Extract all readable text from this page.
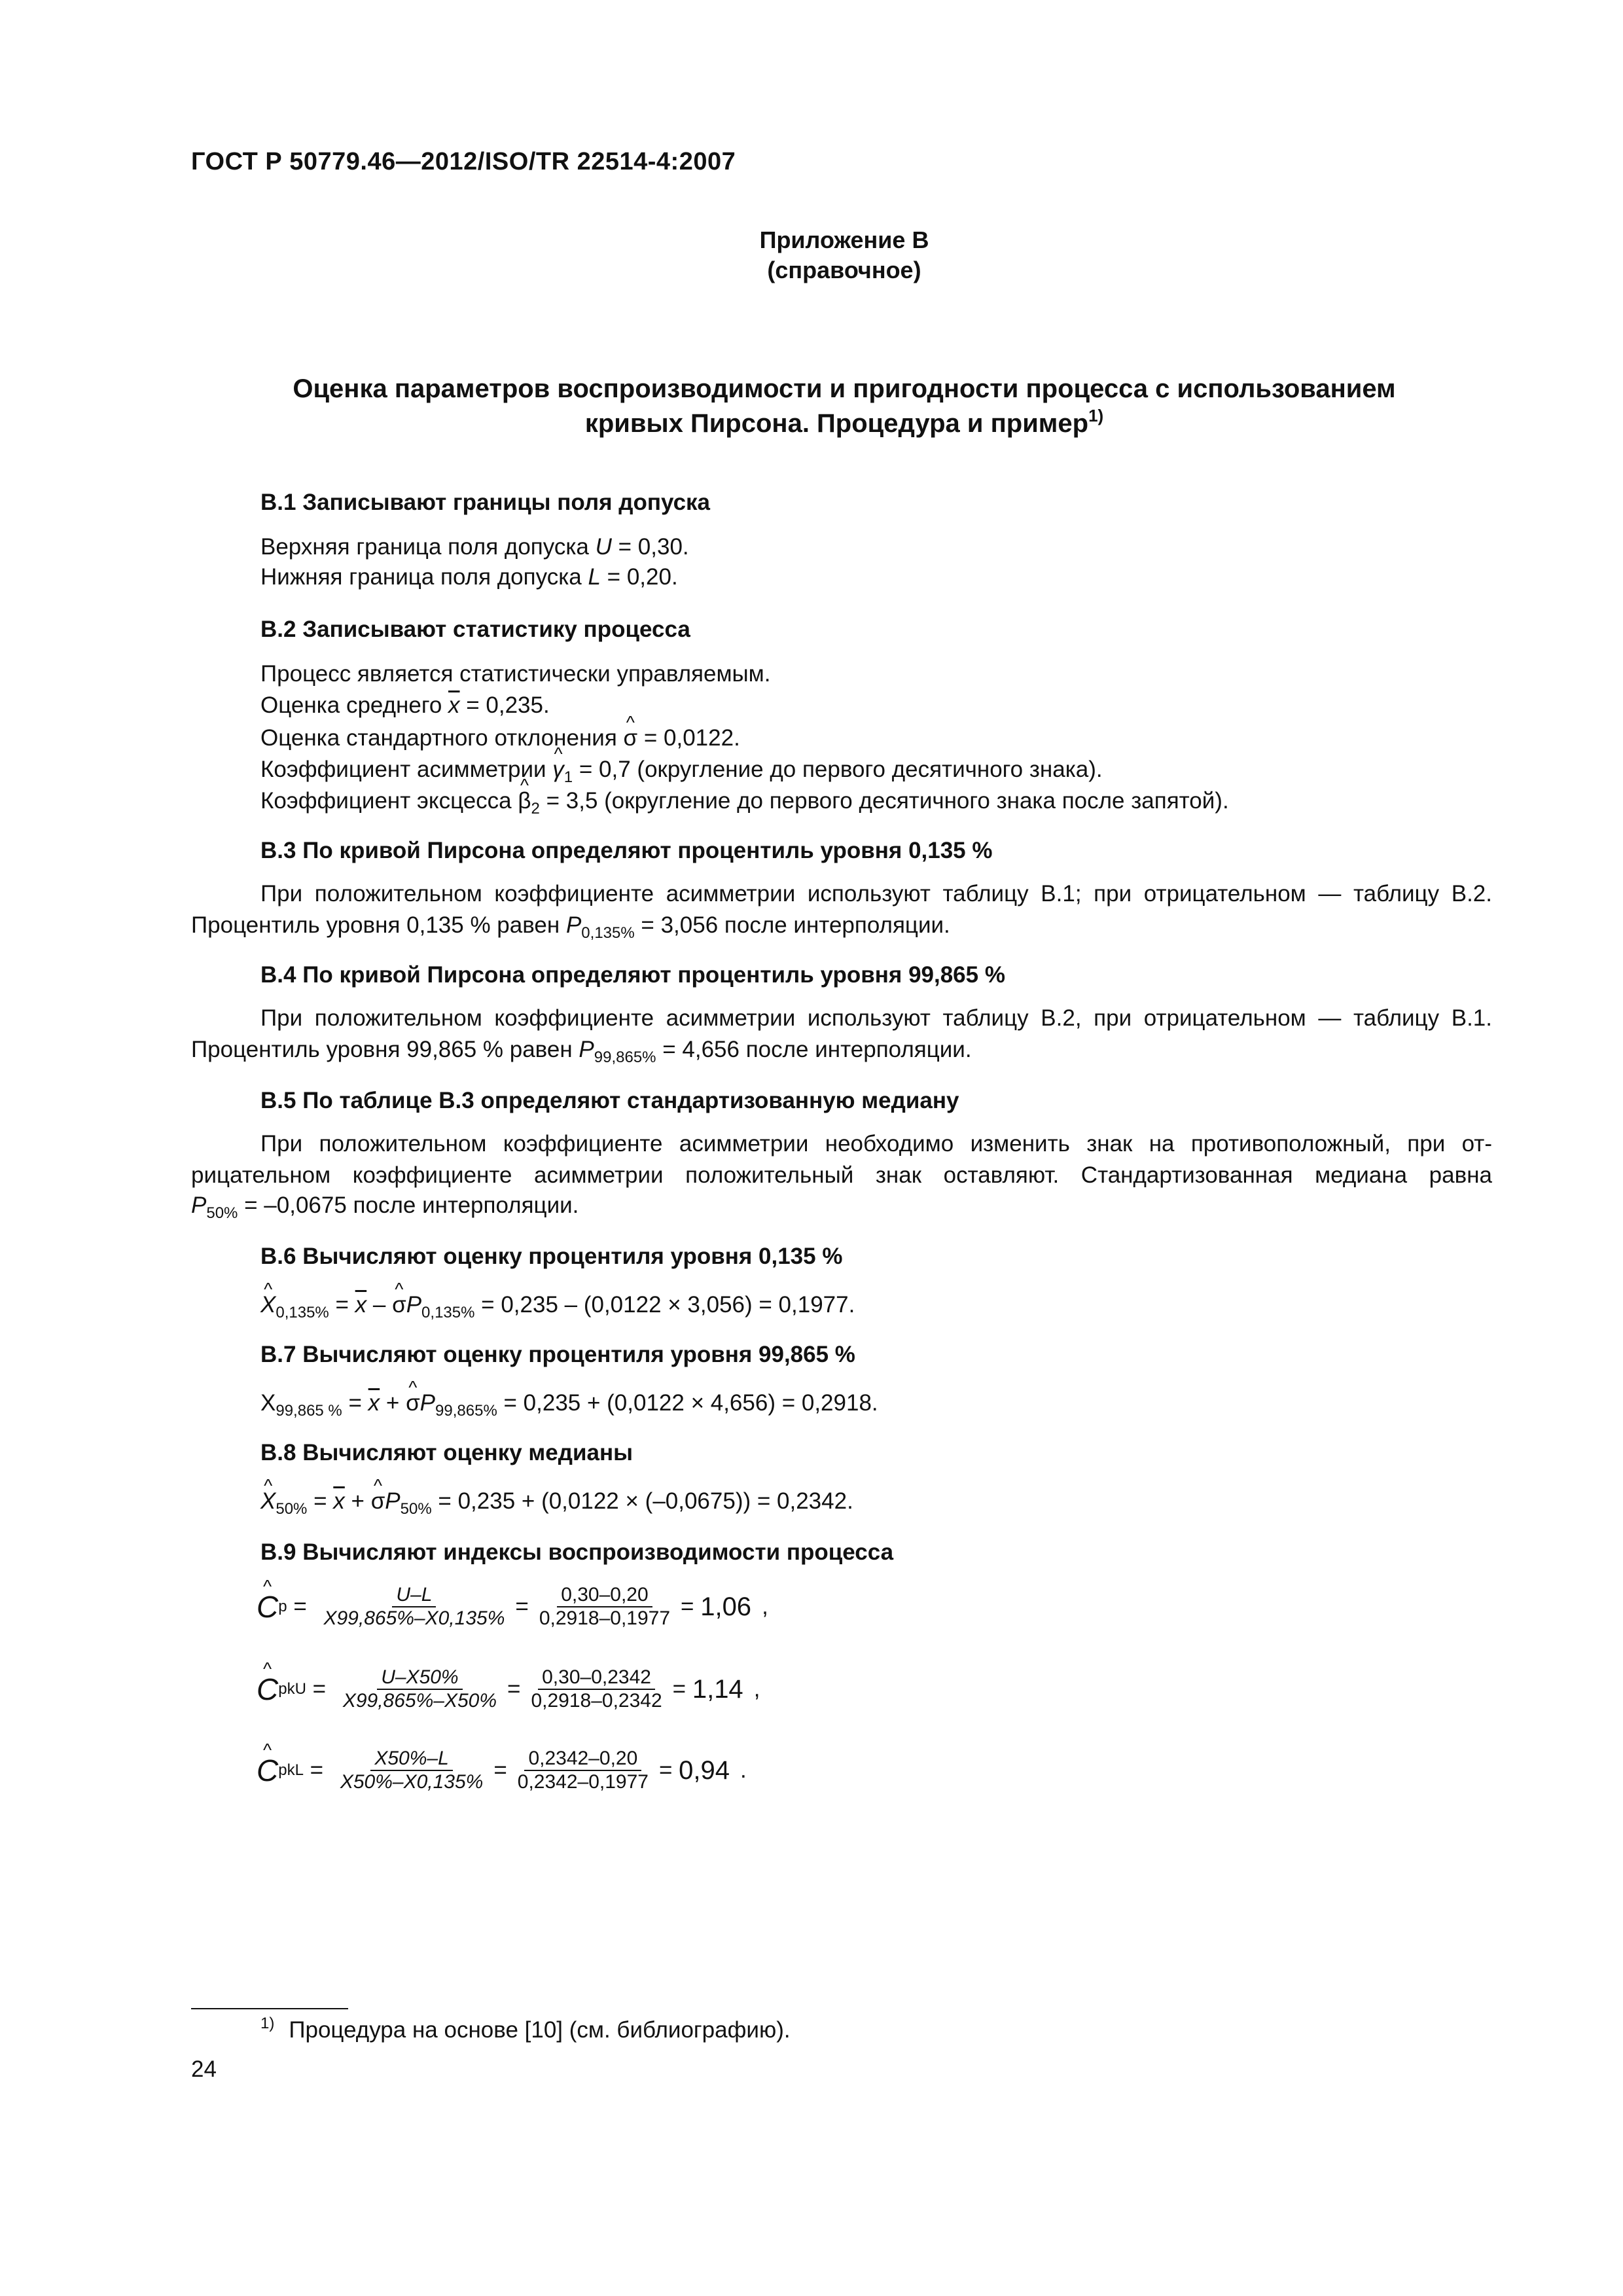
ГОСТ Р 50779.46—2012/ISO/TR 22514-4:2007
Приложение В
(справочное)
Оценка параметров воспроизводимости и пригодности процесса с использованием
кривых Пирсона. Процедура и пример$^{1)}$
В.1 Записывают границы поля допуска
Верхняя граница поля допуска U = 0,30.
Нижняя граница поля допуска L = 0,20.
В.2 Записывают статистику процесса
Процесс является статистически управляемым.
Оценка среднего $\overline{x} = 0,235$.
Оценка стандартного отклонения ^ σ = 0,0122.
Коэффициент асимметрии ^ $\gamma_1 = 0,7$ (округление до первого десятичного знака).
Коэффициент эксцесса ^ $\beta_2 = 3,5$ (округление до первого десятичного знака после запятой).
В.3 По кривой Пирсона определяют процентиль уровня 0,135 %
При положительном коэффициенте асимметрии используют таблицу В.1; при отрицательном — таблицу В.2.
Процентиль уровня 0,135 % равен $P_{0,135\%} = 3,056$ после интерполяции.
В.4 По кривой Пирсона определяют процентиль уровня 99,865 %
При положительном коэффициенте асимметрии используют таблицу В.2, при отрицательном — таблицу В.1.
Процентиль уровня 99,865 % равен $P_{99,865\%} = 4,656$ после интерполяции.
В.5 По таблице В.3 определяют стандартизованную медиану
При положительном коэффициенте асимметрии необходимо изменить знак на противоположный, при от-
рицательном коэффициенте асимметрии положительный знак оставляют. Стандартизованная медиана равна
$P_{50\%} = -0,0675$ после интерполяции.
В.6 Вычисляют оценку процентиля уровня 0,135 %
^ $X_{0,135\%} = \overline{x}$ – ^ $\sigma P_{0,135\%} = 0,235 - (0,0122 \times 3,056) = 0,1977$.
В.7 Вычисляют оценку процентиля уровня 99,865 %
$X_{99,865 \%} = \overline{x}$ + ^ $\sigma P_{99,865\%} = 0,235 + (0,0122 \times 4,656) = 0,2918$.
В.8 Вычисляют оценку медианы
^ $X_{50\%} = \overline{x}$ + ^ $\sigma P_{50\%} = 0,235 + (0,0122 \times (-0,0675)) = 0,2342$.
В.9 Вычисляют индексы воспроизводимости процесса
^ C $p = \frac{U-L}{X99,865\%-X0,135\%} = \frac{0,30-0,20}{0,2918-0,1977} = 1,06$ ,
^ C pkU = $\frac{U-X50\%}{X99,865\%-X50\%} = \frac{0,30-0,2342}{0,2918-0,2342} = 1,14$ ,
^ C pkL = $\frac{X50\%-L}{X50\%-X0,135\%} = \frac{0,2342-0,20}{0,2342-0,1977} = 0,94$ .
$^{1)}$ Процедура на основе [10] (см. библиографию).
24
